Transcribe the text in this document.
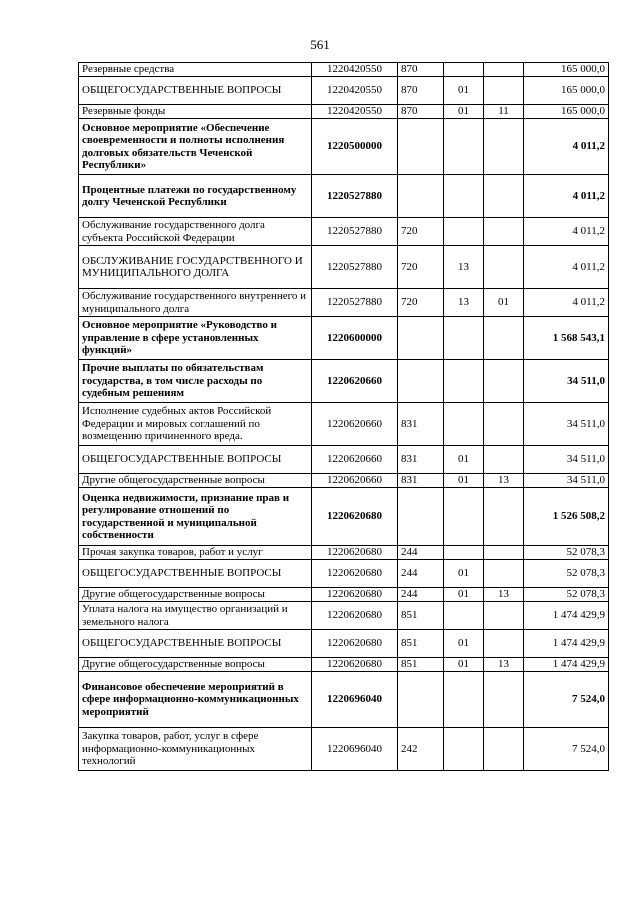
561
Резервные средства	1220420550	870			165 000,0
ОБЩЕГОСУДАРСТВЕННЫЕ ВОПРОСЫ	1220420550	870	01		165 000,0
Резервные фонды	1220420550	870	01	11	165 000,0
Основное мероприятие «Обеспечение своевременности и полноты исполнения долговых обязательств Чеченской Республики»	1220500000				4 011,2
Процентные платежи по государственному долгу Чеченской Республики	1220527880				4 011,2
Обслуживание государственного долга субъекта Российской Федерации	1220527880	720			4 011,2
ОБСЛУЖИВАНИЕ ГОСУДАРСТВЕННОГО И МУНИЦИПАЛЬНОГО ДОЛГА	1220527880	720	13		4 011,2
Обслуживание государственного внутреннего и муниципального долга	1220527880	720	13	01	4 011,2
Основное мероприятие «Руководство и управление в сфере установленных функций»	1220600000				1 568 543,1
Прочие выплаты по обязательствам государства, в том числе расходы по судебным решениям	1220620660				34 511,0
Исполнение судебных актов Российской Федерации и мировых соглашений по возмещению причиненного вреда.	1220620660	831			34 511,0
ОБЩЕГОСУДАРСТВЕННЫЕ ВОПРОСЫ	1220620660	831	01		34 511,0
Другие общегосударственные вопросы	1220620660	831	01	13	34 511,0
Оценка недвижимости, признание прав и регулирование отношений по государственной и муниципальной собственности	1220620680				1 526 508,2
Прочая закупка товаров, работ и услуг	1220620680	244			52 078,3
ОБЩЕГОСУДАРСТВЕННЫЕ ВОПРОСЫ	1220620680	244	01		52 078,3
Другие общегосударственные вопросы	1220620680	244	01	13	52 078,3
Уплата налога на имущество организаций и земельного налога	1220620680	851			1 474 429,9
ОБЩЕГОСУДАРСТВЕННЫЕ ВОПРОСЫ	1220620680	851	01		1 474 429,9
Другие общегосударственные вопросы	1220620680	851	01	13	1 474 429,9
Финансовое обеспечение мероприятий в сфере информационно-коммуникационных мероприятий	1220696040				7 524,0
Закупка товаров, работ, услуг в сфере информационно-коммуникационных технологий	1220696040	242			7 524,0
